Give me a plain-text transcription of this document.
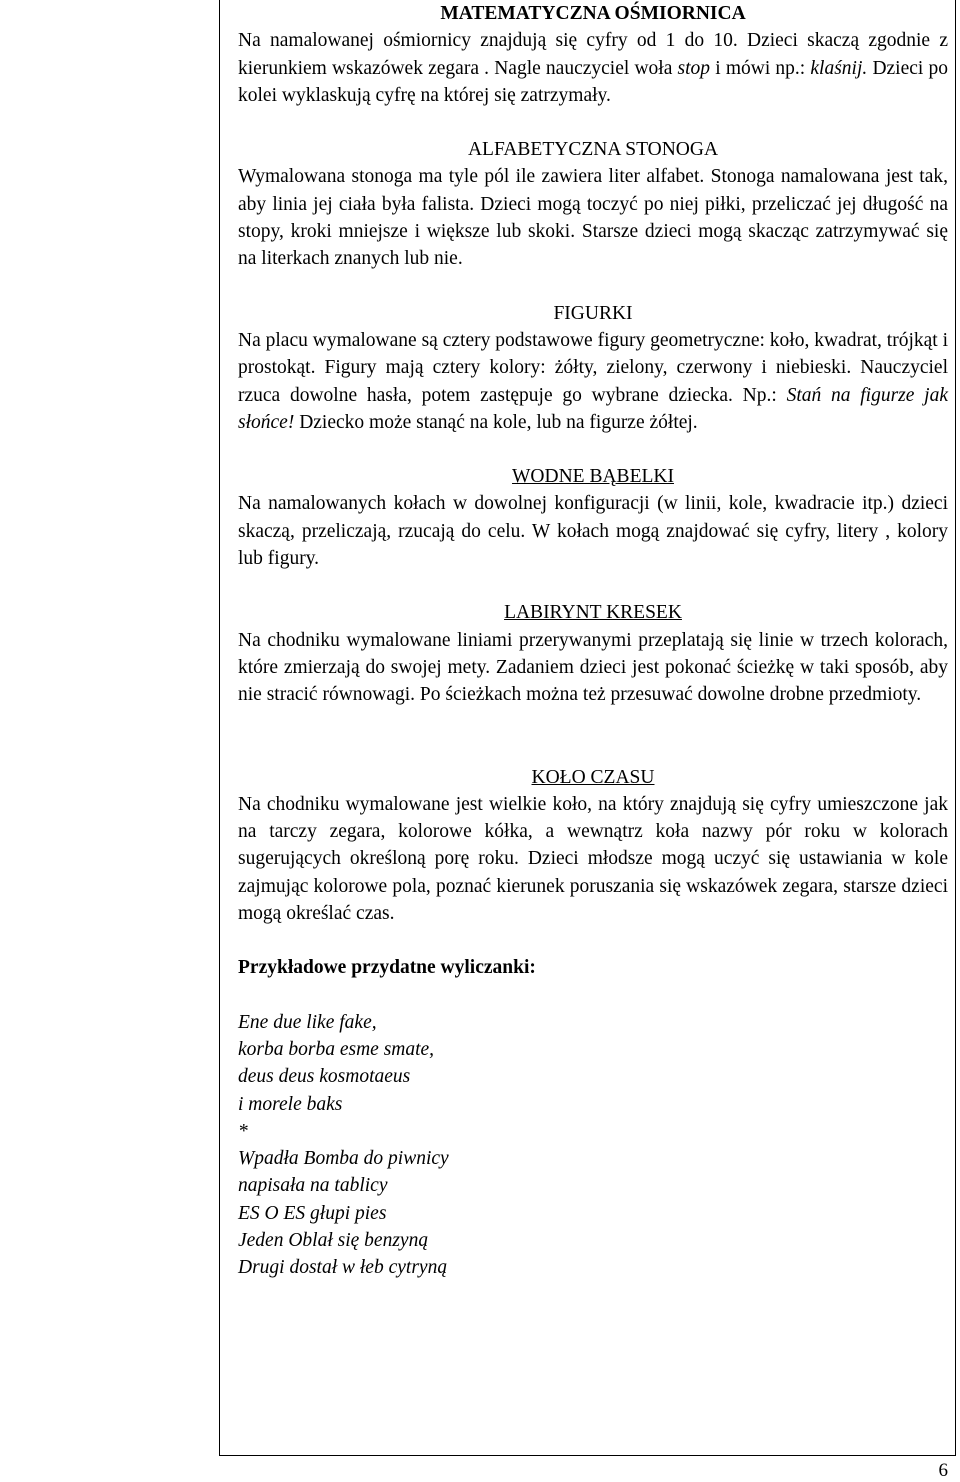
MATEMATYCZNA OŚMIORNICA

Na namalowanej ośmiornicy znajdują się cyfry od 1 do 10. Dzieci skaczą zgodnie z kierunkiem wskazówek zegara . Nagle nauczyciel woła stop i mówi np.: klaśnij. Dzieci po kolei wyklaskują cyfrę na której się zatrzymały.

ALFABETYCZNA STONOGA

Wymalowana stonoga ma tyle pól ile zawiera liter alfabet. Stonoga namalowana jest tak, aby linia jej ciała była falista. Dzieci mogą toczyć po niej piłki, przeliczać jej długość na stopy, kroki mniejsze i większe lub skoki. Starsze dzieci mogą skacząc zatrzymywać się na literkach znanych lub nie.

FIGURKI

Na placu wymalowane są cztery podstawowe figury geometryczne: koło, kwadrat, trójkąt i prostokąt. Figury mają cztery kolory: żółty, zielony, czerwony i niebieski. Nauczyciel rzuca dowolne hasła, potem zastępuje go wybrane dziecka. Np.: Stań na figurze jak słońce! Dziecko może stanąć na kole, lub na figurze żółtej.

WODNE BĄBELKI

Na namalowanych kołach w dowolnej konfiguracji (w linii, kole, kwadracie itp.) dzieci skaczą, przeliczają, rzucają do celu. W kołach mogą znajdować się cyfry, litery , kolory lub figury.

LABIRYNT KRESEK

Na chodniku wymalowane liniami przerywanymi przeplatają się linie w trzech kolorach, które zmierzają do swojej mety. Zadaniem dzieci jest pokonać ścieżkę w taki sposób, aby nie stracić równowagi. Po ścieżkach można też przesuwać dowolne drobne przedmioty.

KOŁO CZASU

Na chodniku wymalowane jest wielkie koło, na który znajdują się cyfry umieszczone jak na tarczy zegara, kolorowe kółka, a wewnątrz koła nazwy pór roku w kolorach sugerujących określoną porę roku. Dzieci młodsze mogą uczyć się ustawiania w kole zajmując kolorowe pola, poznać kierunek poruszania się wskazówek zegara, starsze dzieci mogą określać czas.

Przykładowe przydatne wyliczanki:

Ene due like fake,

korba borba esme smate,

deus deus kosmotaeus

i morele baks

*

Wpadła Bomba do piwnicy

napisała na tablicy

ES O ES głupi pies

Jeden Oblał się benzyną

Drugi dostał w łeb cytryną

6
